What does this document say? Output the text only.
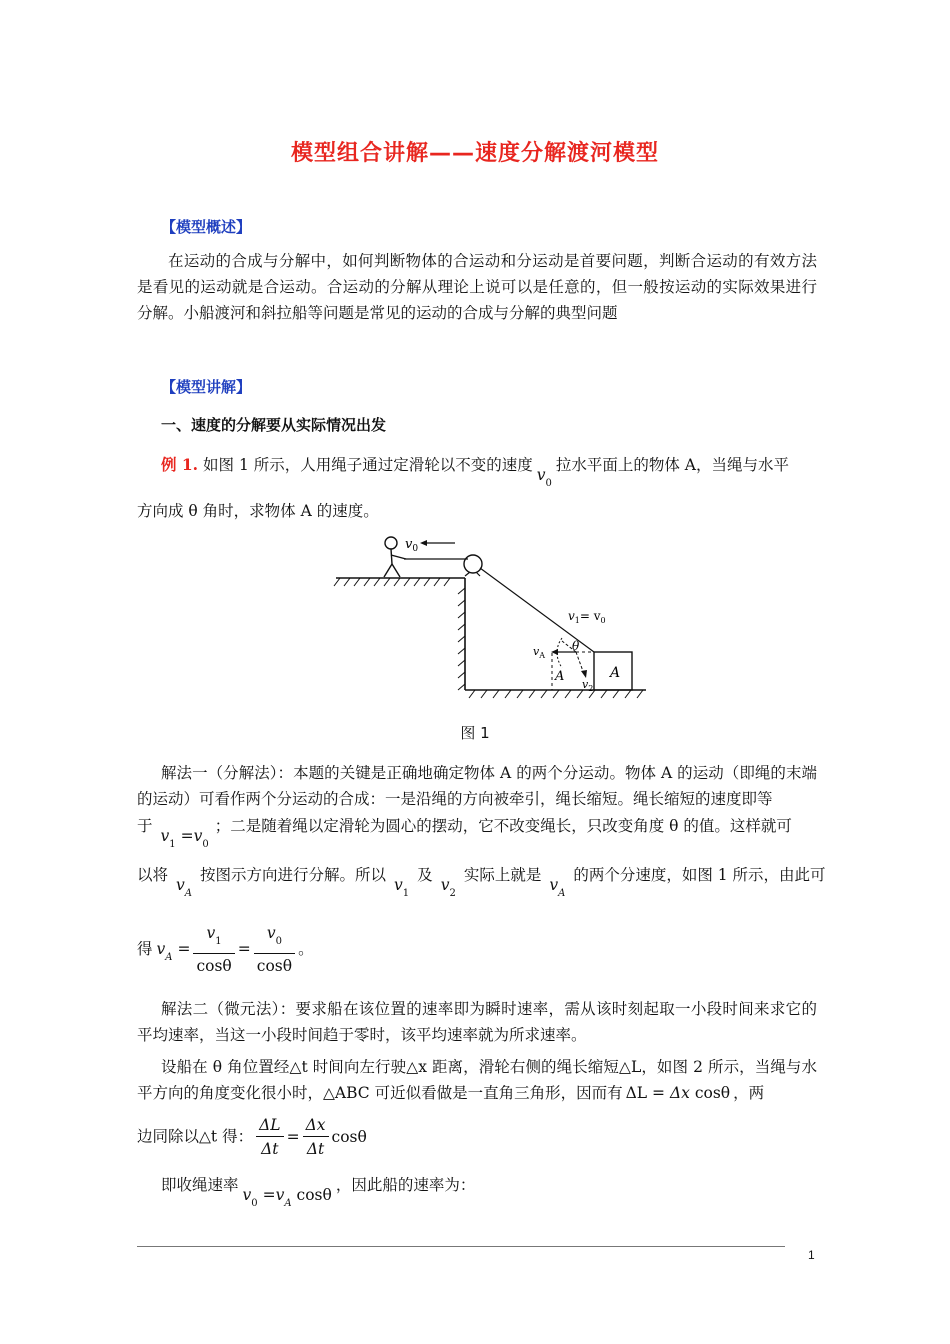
模型组合讲解——速度分解渡河模型
【模型概述】
在运动的合成与分解中，如何判断物体的合运动和分运动是首要问题，判断合运动的有效方法是看见的运动就是合运动。合运动的分解从理论上说可以是任意的，但一般按运动的实际效果进行分解。小船渡河和斜拉船等问题是常见的运动的合成与分解的典型问题
【模型讲解】
一、速度的分解要从实际情况出发
例 1. 如图 1 所示，人用绳子通过定滑轮以不变的速度$v_0$拉水平面上的物体 A，当绳与水平
方向成 θ 角时，求物体 A 的速度。
$v_0$
A
A
$v_A$
θ
$v_2$
$v_1= v_0$
图 1
解法一（分解法）：本题的关键是正确地确定物体 A 的两个分运动。物体 A 的运动（即绳的末端的运动）可看作两个分运动的合成：一是沿绳的方向被牵引，绳长缩短。绳长缩短的速度即等
于$v_1 =v_0$；二是随着绳以定滑轮为圆心的摆动，它不改变绳长，只改变角度 θ 的值。这样就可
以将$v_A$按图示方向进行分解。所以$v_1$及$v_2$实际上就是$v_A$的两个分速度，如图 1 所示，由此可
得 $v_A = \frac{v_1}{\cos\theta} = \frac{v_0}{\cos\theta}$ 。
解法二（微元法）：要求船在该位置的速率即为瞬时速率，需从该时刻起取一小段时间来求它的平均速率，当这一小段时间趋于零时，该平均速率就为所求速率。
设船在 θ 角位置经△t 时间向左行驶△x 距离，滑轮右侧的绳长缩短△L，如图 2 所示，当绳与水平方向的角度变化很小时，△ABC 可近似看做是一直角三角形，因而有 ΔL = Δx cosθ ，两
边同除以△t 得： $\frac{\Delta L}{\Delta t} = \frac{\Delta x}{\Delta t}$ cosθ
即收绳速率$v_0 =v_A$ cosθ，因此船的速率为：
1
